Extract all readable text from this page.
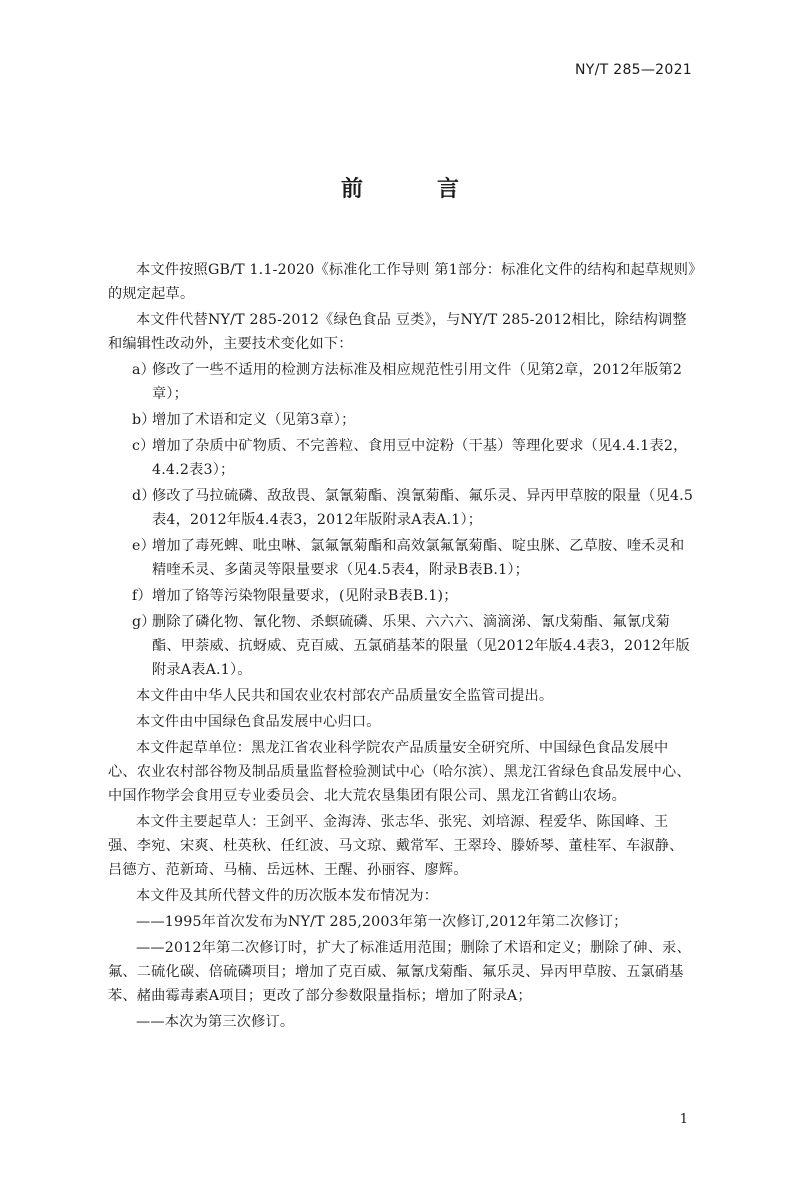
NY/T 285—2021
前　言

本文件按照GB/T 1.1-2020《标准化工作导则 第1部分：标准化文件的结构和起草规则》的规定起草。

本文件代替NY/T 285-2012《绿色食品 豆类》，与NY/T 285-2012相比，除结构调整和编辑性改动外，主要技术变化如下：

a）
修改了一些不适用的检测方法标准及相应规范性引用文件（见第2章，2012年版第2章）；
b）
增加了术语和定义（见第3章）；
c）
增加了杂质中矿物质、不完善粒、食用豆中淀粉（干基）等理化要求（见4.4.1表2，4.4.2表3）；
d）
修改了马拉硫磷、敌敌畏、氯氰菊酯、溴氰菊酯、氟乐灵、异丙甲草胺的限量（见4.5表4，2012年版4.4表3，2012年版附录A表A.1）；
e）
增加了毒死蜱、吡虫啉、氯氟氰菊酯和高效氯氟氰菊酯、啶虫脒、乙草胺、喹禾灵和精喹禾灵、多菌灵等限量要求（见4.5表4，附录B表B.1）；
f） 增加了铬等污染物限量要求，(见附录B表B.1)；
g）
删除了磷化物、氰化物、杀螟硫磷、乐果、六六六、滴滴涕、氰戊菊酯、氟氰戊菊酯、甲萘威、抗蚜威、克百威、五氯硝基苯的限量（见2012年版4.4表3，2012年版附录A表A.1）。

本文件由中华人民共和国农业农村部农产品质量安全监管司提出。

本文件由中国绿色食品发展中心归口。

本文件起草单位：黑龙江省农业科学院农产品质量安全研究所、中国绿色食品发展中心、农业农村部谷物及制品质量监督检验测试中心（哈尔滨）、黑龙江省绿色食品发展中心、中国作物学会食用豆专业委员会、北大荒农垦集团有限公司、黑龙江省鹤山农场。

本文件主要起草人：王剑平、金海涛、张志华、张宪、刘培源、程爱华、陈国峰、王强、李宛、宋爽、杜英秋、任红波、马文琼、戴常军、王翠玲、滕娇琴、董桂军、车淑静、吕德方、范新琦、马楠、岳远林、王醒、孙丽容、廖辉。

本文件及其所代替文件的历次版本发布情况为：

——1995年首次发布为NY/T 285,2003年第一次修订,2012年第二次修订；

——2012年第二次修订时，扩大了标准适用范围；删除了术语和定义；删除了砷、汞、氟、二硫化碳、倍硫磷项目；增加了克百威、氟氰戊菊酯、氟乐灵、异丙甲草胺、五氯硝基苯、赭曲霉毒素A项目；更改了部分参数限量指标；增加了附录A；

——本次为第三次修订。

1
